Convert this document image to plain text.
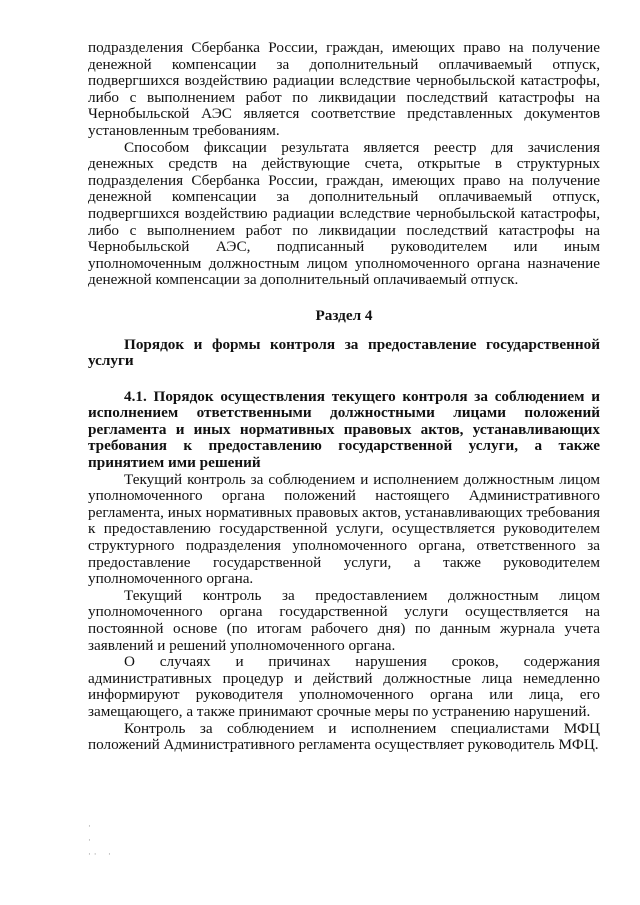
подразделения Сбербанка России, граждан, имеющих право на получение денежной компенсации за дополнительный оплачиваемый отпуск, подвергшихся воздействию радиации вследствие чернобыльской катастрофы, либо с выполнением работ по ликвидации последствий катастрофы на Чернобыльской АЭС является соответствие представленных документов установленным требованиям.

Способом фиксации результата является реестр для зачисления денежных средств на действующие счета, открытые в структурных подразделения Сбербанка России, граждан, имеющих право на получение денежной компенсации за дополнительный оплачиваемый отпуск, подвергшихся воздействию радиации вследствие чернобыльской катастрофы, либо с выполнением работ по ликвидации последствий катастрофы на Чернобыльской АЭС, подписанный руководителем или иным уполномоченным должностным лицом уполномоченного органа назначение денежной компенсации за дополнительный оплачиваемый отпуск.

Раздел 4

Порядок и формы контроля за предоставление государственной услуги

4.1. Порядок осуществления текущего контроля за соблюдением и исполнением ответственными должностными лицами положений регламента и иных нормативных правовых актов, устанавливающих требования к предоставлению государственной услуги, а также принятием ими решений

Текущий контроль за соблюдением и исполнением должностным лицом уполномоченного органа положений настоящего Административного регламента, иных нормативных правовых актов, устанавливающих требования к предоставлению государственной услуги, осуществляется руководителем структурного подразделения уполномоченного органа, ответственного за предоставление государственной услуги, а также руководителем уполномоченного органа.

Текущий контроль за предоставлением должностным лицом уполномоченного органа государственной услуги осуществляется на постоянной основе (по итогам рабочего дня) по данным журнала учета заявлений и решений уполномоченного органа.

О случаях и причинах нарушения сроков, содержания административных процедур и действий должностные лица немедленно информируют руководителя уполномоченного органа или лица, его замещающего, а также принимают срочные меры по устранению нарушений.

Контроль за соблюдением и исполнением специалистами МФЦ положений Административного регламента осуществляет руководитель МФЦ.

·
·
· ·    ·
